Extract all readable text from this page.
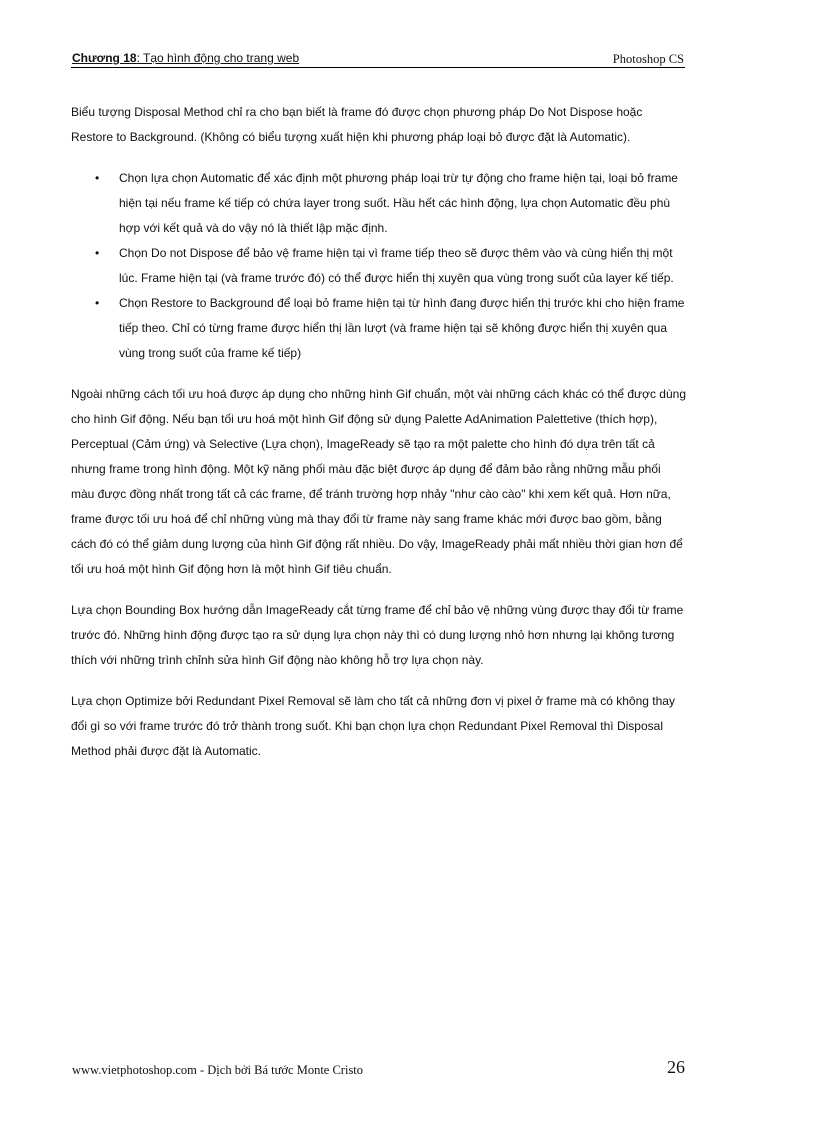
Chương 18: Tạo hình động cho trang web	Photoshop CS

Biểu tượng Disposal Method chỉ ra cho bạn biết là frame đó được chọn phương pháp Do Not Dispose hoặc Restore to Background. (Không có biểu tượng xuất hiện khi phương pháp loại bỏ được đặt là Automatic).

• Chọn lựa chọn Automatic để xác định một phương pháp loại trừ tự động cho frame hiện tại, loại bỏ frame hiện tại nếu frame kế tiếp có chứa layer trong suốt. Hầu hết các hình động, lựa chọn Automatic đều phù hợp với kết quả và do vậy nó là thiết lập mặc định.
• Chọn Do not Dispose để bảo vệ frame hiện tại vì frame tiếp theo sẽ được thêm vào và cùng hiển thị một lúc. Frame hiện tại (và frame trước đó) có thể được hiển thị xuyên qua vùng trong suốt của layer kế tiếp.
• Chọn Restore to Background để loại bỏ frame hiện tại từ hình đang được hiển thị trước khi cho hiện frame tiếp theo. Chỉ có từng frame được hiển thị lần lượt (và frame hiện tại sẽ không được hiển thị xuyên qua vùng trong suốt của frame kế tiếp)

Ngoài những cách tối ưu hoá được áp dụng cho những hình Gif chuẩn, một vài những cách khác có thể được dùng cho hình Gif động. Nếu bạn tối ưu hoá một hình Gif động sử dụng Palette AdAnimation Palettetive (thích hợp), Perceptual (Cảm ứng) và Selective (Lựa chọn), ImageReady sẽ tạo ra một palette cho hình đó dựa trên tất cả nhưng frame trong hình động. Một kỹ năng phối màu đặc biệt được áp dụng để đảm bảo rằng những mẫu phối màu được đồng nhất trong tất cả các frame, để tránh trường hợp nhảy "như cào cào" khi xem kết quả. Hơn nữa, frame được tối ưu hoá để chỉ những vùng mà thay đổi từ frame này sang frame khác mới được bao gồm, bằng cách đó có thể giảm dung lượng của hình Gif động rất nhiều. Do vậy, ImageReady phải mất nhiều thời gian hơn để tối ưu hoá một hình Gif động hơn là một hình Gif tiêu chuẩn.

Lựa chọn Bounding Box hướng dẫn ImageReady cắt từng frame để chỉ bảo vệ những vùng được thay đổi từ frame trước đó. Những hình động được tạo ra sử dụng lựa chọn này thì có dung lượng nhỏ hơn nhưng lại không tương thích với những trình chỉnh sửa hình Gif động nào không hỗ trợ lựa chọn này.

Lựa chọn Optimize bởi Redundant Pixel Removal sẽ làm cho tất cả những đơn vị pixel ở frame mà có không thay đổi gì so với frame trước đó trở thành trong suốt. Khi bạn chọn lựa chọn Redundant Pixel Removal thì Disposal Method phải được đặt là Automatic.

www.vietphotoshop.com - Dịch bởi Bá tước Monte Cristo	26
